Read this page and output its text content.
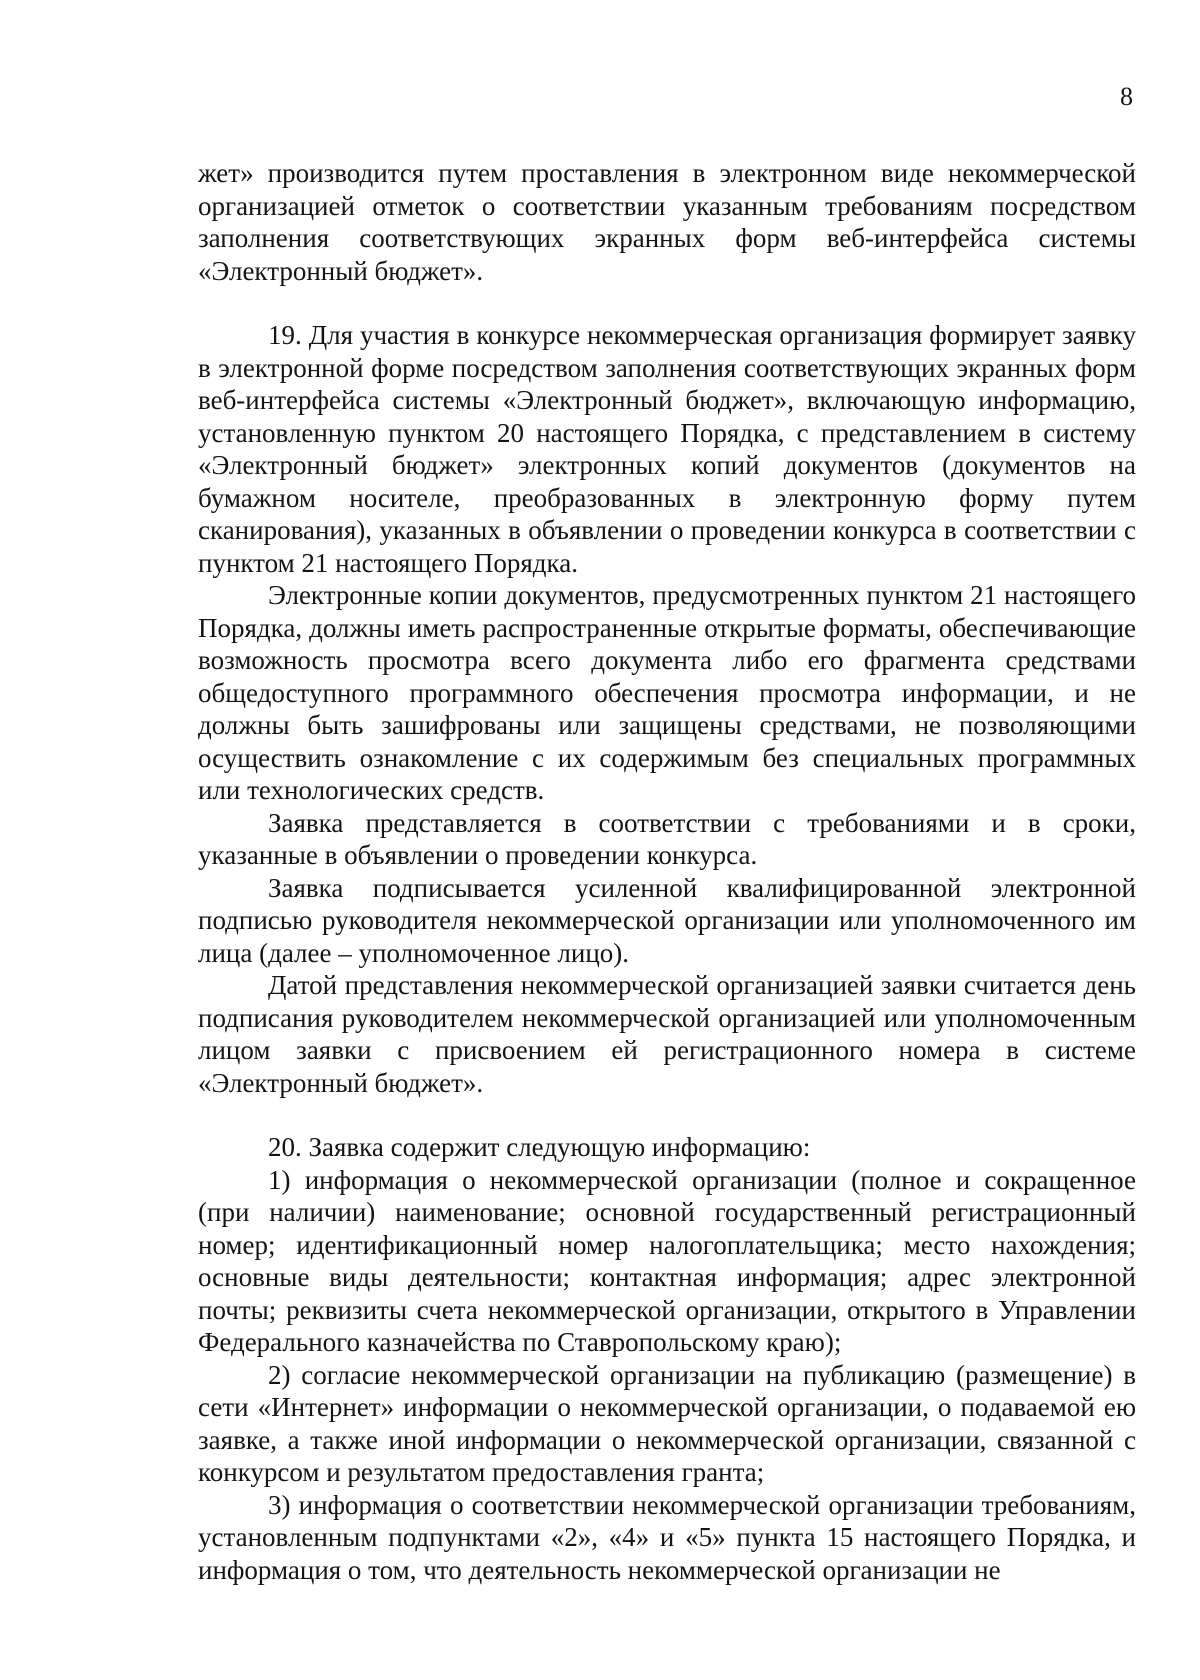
8

жет» производится путем проставления в электронном виде некоммерческой организацией отметок о соответствии указанным требованиям посредством заполнения соответствующих экранных форм веб-интерфейса системы «Электронный бюджет».

19. Для участия в конкурсе некоммерческая организация формирует заявку в электронной форме посредством заполнения соответствующих экранных форм веб-интерфейса системы «Электронный бюджет», включающую информацию, установленную пунктом 20 настоящего Порядка, с представлением в систему «Электронный бюджет» электронных копий документов (документов на бумажном носителе, преобразованных в электронную форму путем сканирования), указанных в объявлении о проведении конкурса в соответствии с пунктом 21 настоящего Порядка.

Электронные копии документов, предусмотренных пунктом 21 настоящего Порядка, должны иметь распространенные открытые форматы, обеспечивающие возможность просмотра всего документа либо его фрагмента средствами общедоступного программного обеспечения просмотра информации, и не должны быть зашифрованы или защищены средствами, не позволяющими осуществить ознакомление с их содержимым без специальных программных или технологических средств.

Заявка представляется в соответствии с требованиями и в сроки, указанные в объявлении о проведении конкурса.

Заявка подписывается усиленной квалифицированной электронной подписью руководителя некоммерческой организации или уполномоченного им лица (далее – уполномоченное лицо).

Датой представления некоммерческой организацией заявки считается день подписания руководителем некоммерческой организацией или уполномоченным лицом заявки с присвоением ей регистрационного номера в системе «Электронный бюджет».

20. Заявка содержит следующую информацию:

1) информация о некоммерческой организации (полное и сокращенное (при наличии) наименование; основной государственный регистрационный номер; идентификационный номер налогоплательщика; место нахождения; основные виды деятельности; контактная информация; адрес электронной почты; реквизиты счета некоммерческой организации, открытого в Управлении Федерального казначейства по Ставропольскому краю);

2) согласие некоммерческой организации на публикацию (размещение) в сети «Интернет» информации о некоммерческой организации, о подаваемой ею заявке, а также иной информации о некоммерческой организации, связанной с конкурсом и результатом предоставления гранта;

3) информация о соответствии некоммерческой организации требованиям, установленным подпунктами «2», «4» и «5» пункта 15 настоящего Порядка, и информация о том, что деятельность некоммерческой организации не
